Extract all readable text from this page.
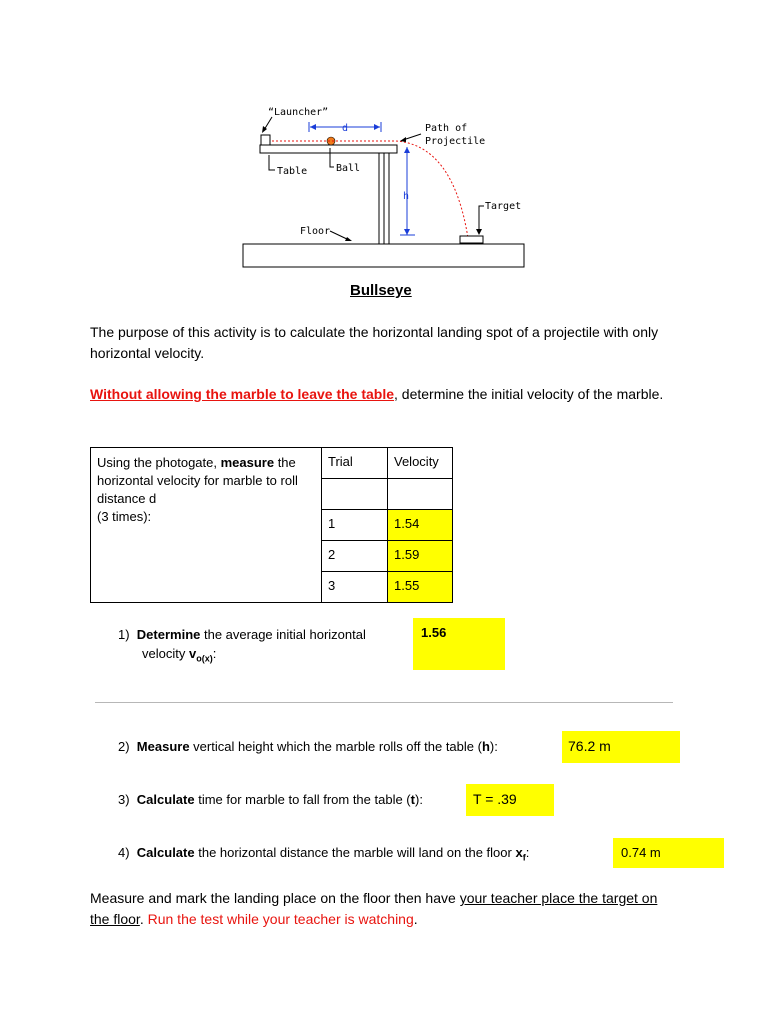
“Launcher”
d	Path of
Projectile
Table	Ball
h
Target
Floor
Bullseye
The purpose of this activity is to calculate the horizontal landing spot of a projectile with only horizontal velocity.
Without allowing the marble to leave the table, determine the initial velocity of the marble.
Using the photogate, measure the horizontal velocity for marble to roll distance d
(3 times):	Trial	Velocity

	1	1.54
	2	1.59
	3	1.55
1) Determine the average initial horizontal
velocity $v_{o(x)}$:
1.56
2) Measure vertical height which the marble rolls off the table (h):	76.2 m
3) Calculate time for marble to fall from the table (t):	T = .39
4) Calculate the horizontal distance the marble will land on the floor $x_f$:	0.74 m
Measure and mark the landing place on the floor then have your teacher place the target on the floor. Run the test while your teacher is watching.
